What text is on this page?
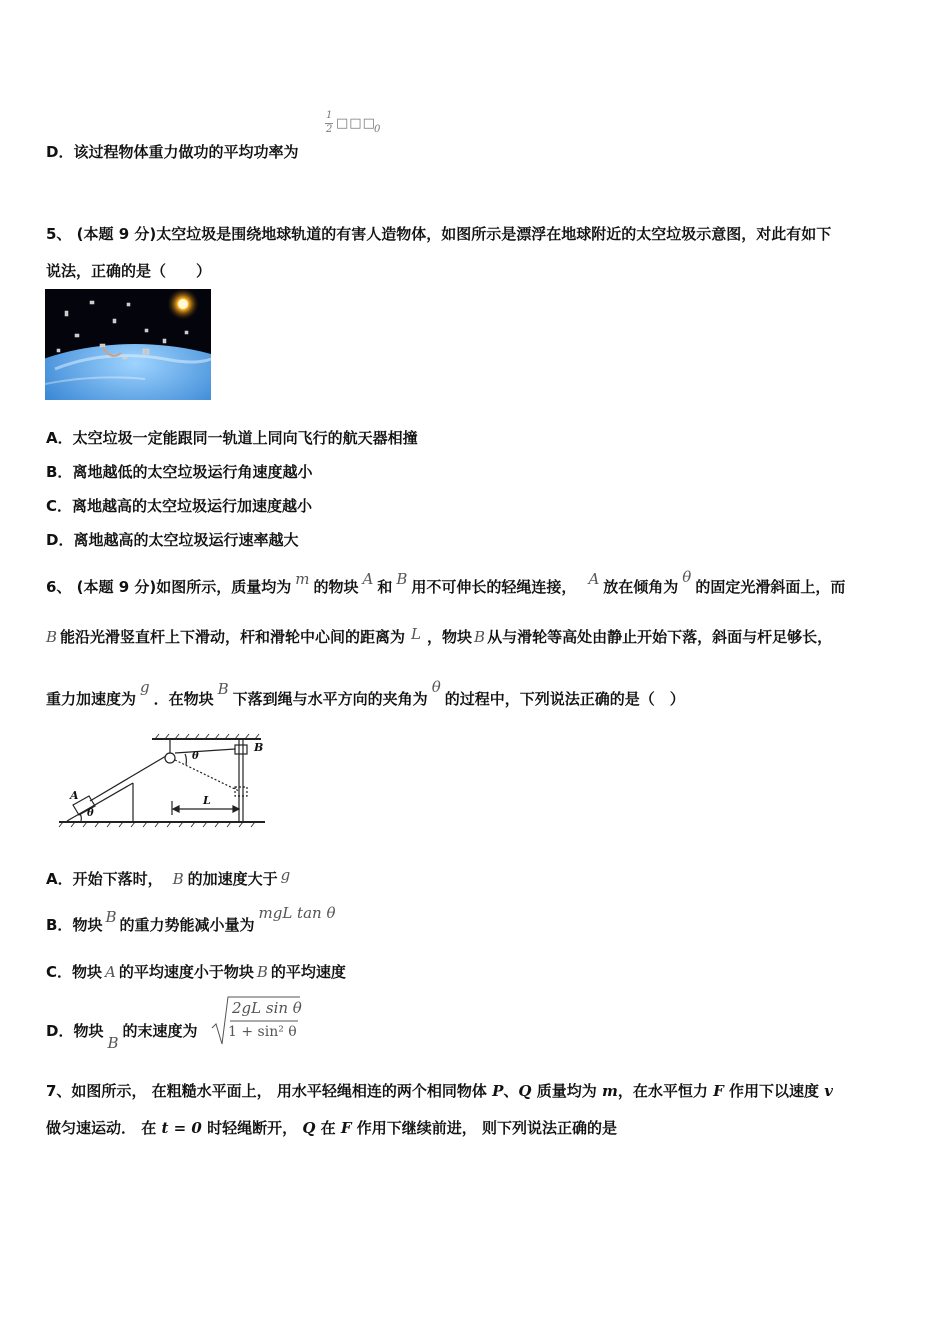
D．该过程物体重力做功的平均功率为
1
2 □□□
0
5、 (本题 9 分)太空垃圾是围绕地球轨道的有害人造物体，如图所示是漂浮在地球附近的太空垃圾示意图，对此有如下
说法，正确的是（　　）
A．太空垃圾一定能跟同一轨道上同向飞行的航天器相撞
B．离地越低的太空垃圾运行角速度越小
C．离地越高的太空垃圾运行加速度越小
D．离地越高的太空垃圾运行速率越大
6、 (本题 9 分)如图所示，质量均为 m 的物块 A 和 B 用不可伸长的轻绳连接， A 放在倾角为θ的固定光滑斜面上，而
B 能沿光滑竖直杆上下滑动，杆和滑轮中心间的距离为 L ，物块 B 从与滑轮等高处由静止开始下落，斜面与杆足够长，
重力加速度为g．在物块B下落到绳与水平方向的夹角为θ的过程中，下列说法正确的是（　）
B
θ
A
θ
L
A．开始下落时， B 的加速度大于 g
B．物块 B 的重力势能减小量为mgL tan θ
C．物块 A 的平均速度小于物块 B 的平均速度
D．物块B的末速度为
2gL sin θ
1 + sin² θ
7、如图所示， 在粗糙水平面上， 用水平轻绳相连的两个相同物体 P、Q 质量均为 m，在水平恒力 F 作用下以速度 v
做匀速运动． 在 t = 0 时轻绳断开， Q 在 F 作用下继续前进， 则下列说法正确的是
